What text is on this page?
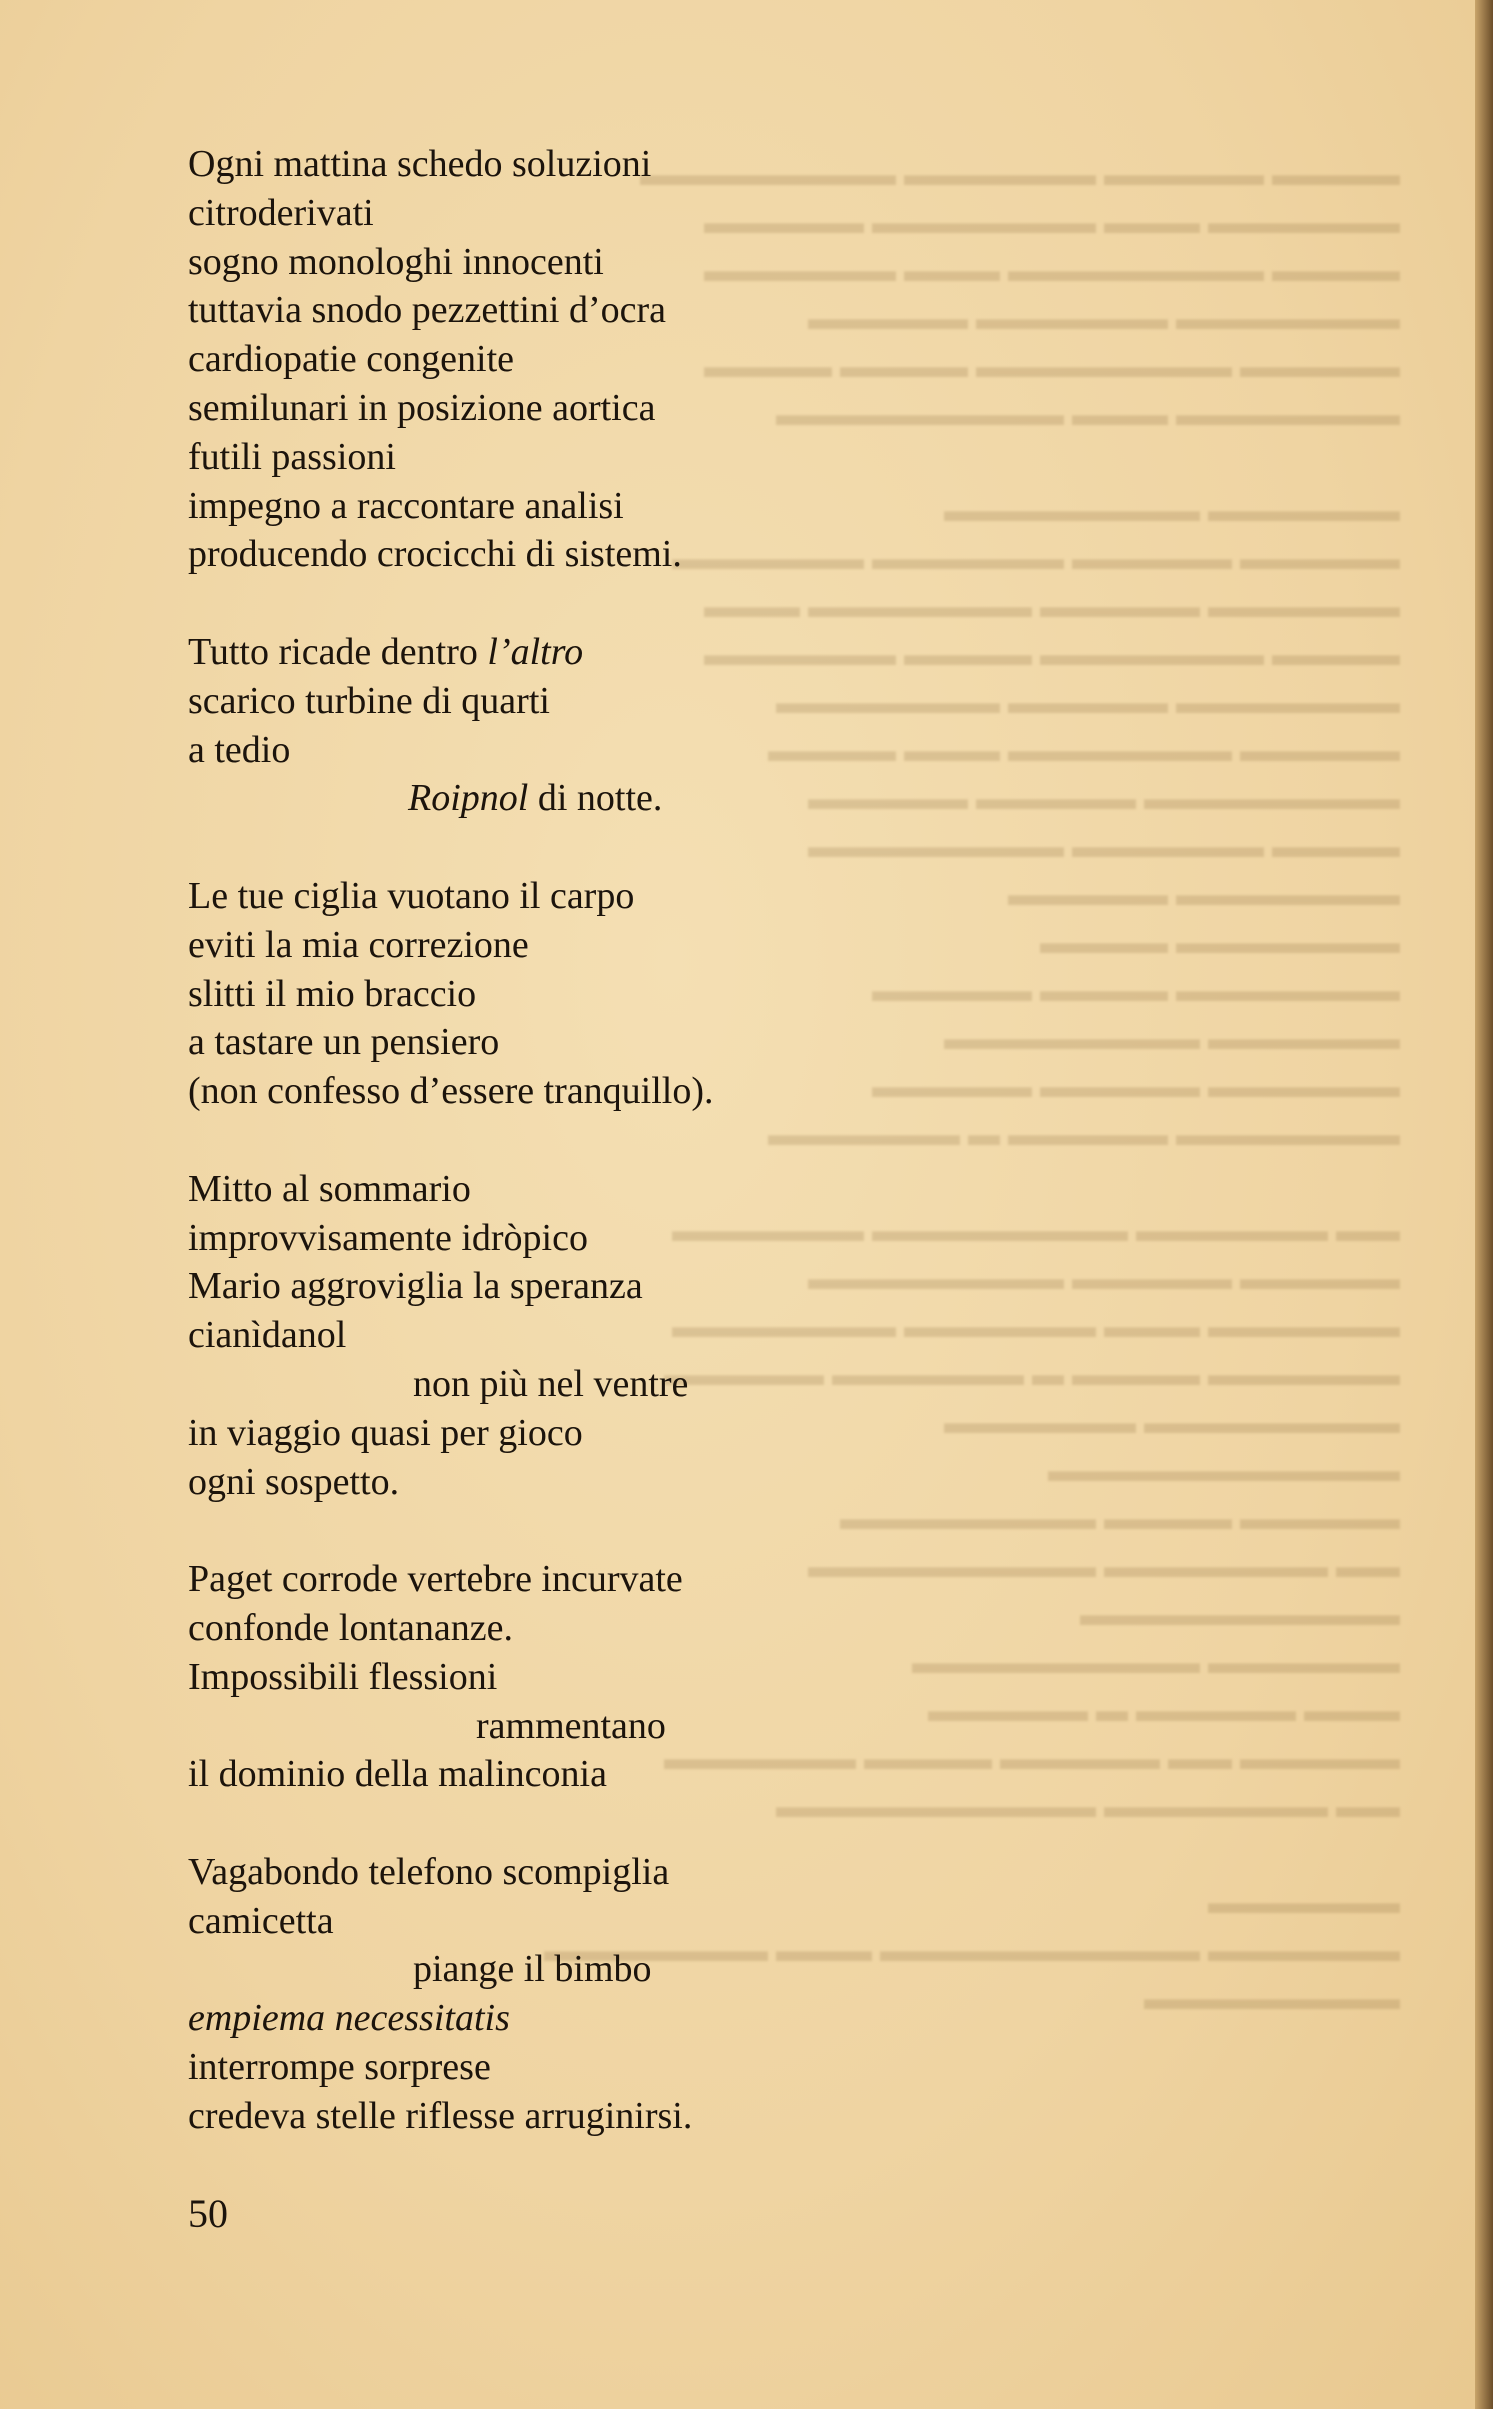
▬▬▬▬ ▬▬▬▬▬ ▬▬▬▬▬▬ ▬▬▬▬▬▬▬▬
▬▬▬▬▬▬ ▬▬▬ ▬▬▬▬▬▬▬ ▬▬▬▬▬
▬▬▬▬ ▬▬▬▬▬▬▬▬ ▬▬▬ ▬▬▬▬▬▬
▬▬▬▬▬▬▬ ▬▬▬▬▬▬ ▬▬▬▬▬
▬▬▬▬▬ ▬▬▬▬▬▬▬▬ ▬▬▬▬ ▬▬▬▬
▬▬▬▬▬▬▬ ▬▬▬ ▬▬▬▬▬▬▬▬▬
▬▬▬▬▬▬ ▬▬▬▬▬▬▬▬
▬▬▬▬▬ ▬▬▬▬▬ ▬▬▬▬▬▬ ▬▬▬▬▬▬
▬▬▬▬▬▬ ▬▬▬▬▬ ▬▬▬▬▬▬▬ ▬▬▬
▬▬▬▬ ▬▬▬▬▬▬▬ ▬▬▬▬ ▬▬▬▬▬▬
▬▬▬▬▬▬▬ ▬▬▬▬▬ ▬▬▬▬▬▬▬
▬▬▬▬▬ ▬▬▬▬▬▬▬ ▬▬▬ ▬▬▬▬
▬▬▬▬▬▬▬▬ ▬▬▬▬▬ ▬▬▬▬▬
▬▬▬▬ ▬▬▬▬▬▬ ▬▬▬▬▬▬▬▬
▬▬▬▬▬▬▬ ▬▬▬▬▬
▬▬▬▬▬▬▬ ▬▬▬▬
▬▬▬▬▬▬▬ ▬▬▬▬ ▬▬▬▬▬
▬▬▬▬▬▬ ▬▬▬▬▬▬▬▬
▬▬▬▬▬▬ ▬▬▬▬▬ ▬▬▬▬▬
▬▬▬▬▬▬▬ ▬▬▬▬▬ ▬ ▬▬▬▬▬▬
▬▬ ▬▬▬▬▬▬ ▬▬▬▬▬▬▬▬ ▬▬▬▬▬▬
▬▬▬▬▬ ▬▬▬▬▬ ▬▬▬▬▬▬▬▬
▬▬▬▬▬▬ ▬▬▬ ▬▬▬▬▬▬ ▬▬▬▬▬▬▬
▬▬▬▬▬▬ ▬▬▬▬ ▬ ▬▬▬▬▬▬ ▬▬▬▬▬
▬▬▬▬▬▬▬▬ ▬▬▬▬▬▬
▬▬▬▬▬▬▬▬▬▬▬
▬▬▬▬▬ ▬▬▬▬ ▬▬▬▬▬▬▬▬
▬▬ ▬▬▬▬▬▬▬ ▬▬▬▬▬▬▬▬▬
▬▬▬▬▬▬▬▬▬▬
▬▬▬▬▬▬ ▬▬▬▬▬▬▬▬▬
▬▬▬ ▬▬▬▬▬ ▬ ▬▬▬▬▬
▬▬▬▬▬ ▬▬ ▬▬▬▬▬ ▬▬▬▬ ▬▬▬▬▬▬
▬▬ ▬▬▬▬▬▬▬ ▬▬▬▬▬▬▬▬▬▬
▬▬▬▬▬▬
▬▬▬▬▬▬ ▬▬▬▬▬▬▬▬▬▬ ▬▬▬ ▬▬▬▬▬▬▬
▬▬▬▬▬▬▬▬
Ogni mattina schedo soluzioni
citroderivati
sogno monologhi innocenti
tuttavia snodo pezzettini d’ocra
cardiopatie congenite
semilunari in posizione aortica
futili passioni
impegno a raccontare analisi
producendo crocicchi di sistemi.
Tutto ricade dentro l’altro
scarico turbine di quarti
a tedio
Roipnol di notte.
Le tue ciglia vuotano il carpo
eviti la mia correzione
slitti il mio braccio
a tastare un pensiero
(non confesso d’essere tranquillo).
Mitto al sommario
improvvisamente idròpico
Mario aggroviglia la speranza
cianìdanol
non più nel ventre
in viaggio quasi per gioco
ogni sospetto.
Paget corrode vertebre incurvate
confonde lontananze.
Impossibili flessioni
rammentano
il dominio della malinconia
Vagabondo telefono scompiglia
camicetta
piange il bimbo
empiema necessitatis
interrompe sorprese
credeva stelle riflesse arruginirsi.
50
